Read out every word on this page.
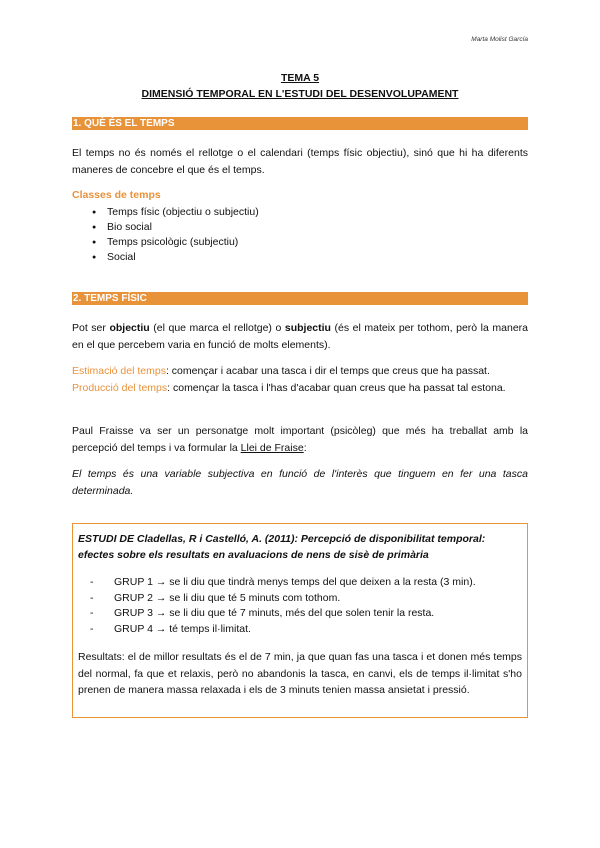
Marta Molist García
TEMA 5
DIMENSIÓ TEMPORAL EN L'ESTUDI DEL DESENVOLUPAMENT
1. QUÈ ÉS EL TEMPS
El temps no és només el rellotge o el calendari (temps físic objectiu), sinó que hi ha diferents maneres de concebre el que és el temps.
Classes de temps
● Temps físic (objectiu o subjectiu)
● Bio social
● Temps psicològic (subjectiu)
● Social
2. TEMPS FÍSIC
Pot ser objectiu (el que marca el rellotge) o subjectiu (és el mateix per tothom, però la manera en el que percebem varia en funció de molts elements).
Estimació del temps: començar i acabar una tasca i dir el temps que creus que ha passat.
Producció del temps: començar la tasca i l'has d'acabar quan creus que ha passat tal estona.
Paul Fraisse va ser un personatge molt important (psicòleg) que més ha treballat amb la percepció del temps i va formular la Llei de Fraise:
El temps és una variable subjectiva en funció de l'interès que tinguem en fer una tasca determinada.
ESTUDI DE Cladellas, R i Castelló, A. (2011): Percepció de disponibilitat temporal: efectes sobre els resultats en avaluacions de nens de sisè de primària
- GRUP 1 → se li diu que tindrà menys temps del que deixen a la resta (3 min).
- GRUP 2 → se li diu que té 5 minuts com tothom.
- GRUP 3 → se li diu que té 7 minuts, més del que solen tenir la resta.
- GRUP 4 → té temps il·limitat.
Resultats: el de millor resultats és el de 7 min, ja que quan fas una tasca i et donen més temps del normal, fa que et relaxis, però no abandonis la tasca, en canvi, els de temps il·limitat s'ho prenen de manera massa relaxada i els de 3 minuts tenien massa ansietat i pressió.
